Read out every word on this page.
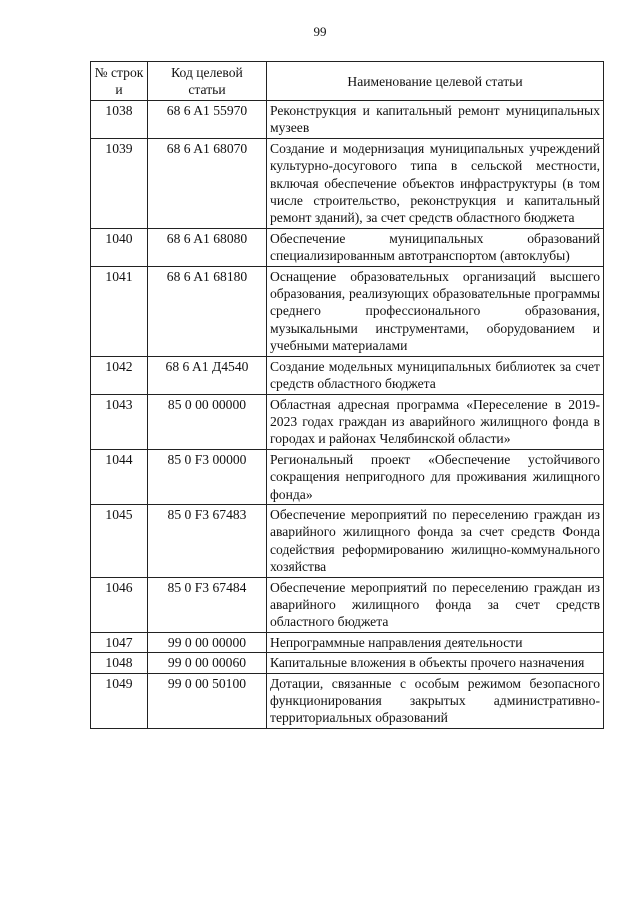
99
№ строк и	Код целевой статьи	Наименование целевой статьи
1038	68 6 A1 55970	Реконструкция и капитальный ремонт муниципальных музеев
1039	68 6 A1 68070	Создание и модернизация муниципальных учреждений культурно-досугового типа в сельской местности, включая обеспечение объектов инфраструктуры (в том числе строительство, реконструкция и капитальный ремонт зданий), за счет средств областного бюджета
1040	68 6 A1 68080	Обеспечение муниципальных образований специализированным автотранспортом (автоклубы)
1041	68 6 A1 68180	Оснащение образовательных организаций высшего образования, реализующих образовательные программы среднего профессионального образования, музыкальными инструментами, оборудованием и учебными материалами
1042	68 6 A1 Д4540	Создание модельных муниципальных библиотек за счет средств областного бюджета
1043	85 0 00 00000	Областная адресная программа «Переселение в 2019-2023 годах граждан из аварийного жилищного фонда в городах и районах Челябинской области»
1044	85 0 F3 00000	Региональный проект «Обеспечение устойчивого сокращения непригодного для проживания жилищного фонда»
1045	85 0 F3 67483	Обеспечение мероприятий по переселению граждан из аварийного жилищного фонда за счет средств Фонда содействия реформированию жилищно-коммунального хозяйства
1046	85 0 F3 67484	Обеспечение мероприятий по переселению граждан из аварийного жилищного фонда за счет средств областного бюджета
1047	99 0 00 00000	Непрограммные направления деятельности
1048	99 0 00 00060	Капитальные вложения в объекты прочего назначения
1049	99 0 00 50100	Дотации, связанные с особым режимом безопасного функционирования закрытых административно-территориальных образований
